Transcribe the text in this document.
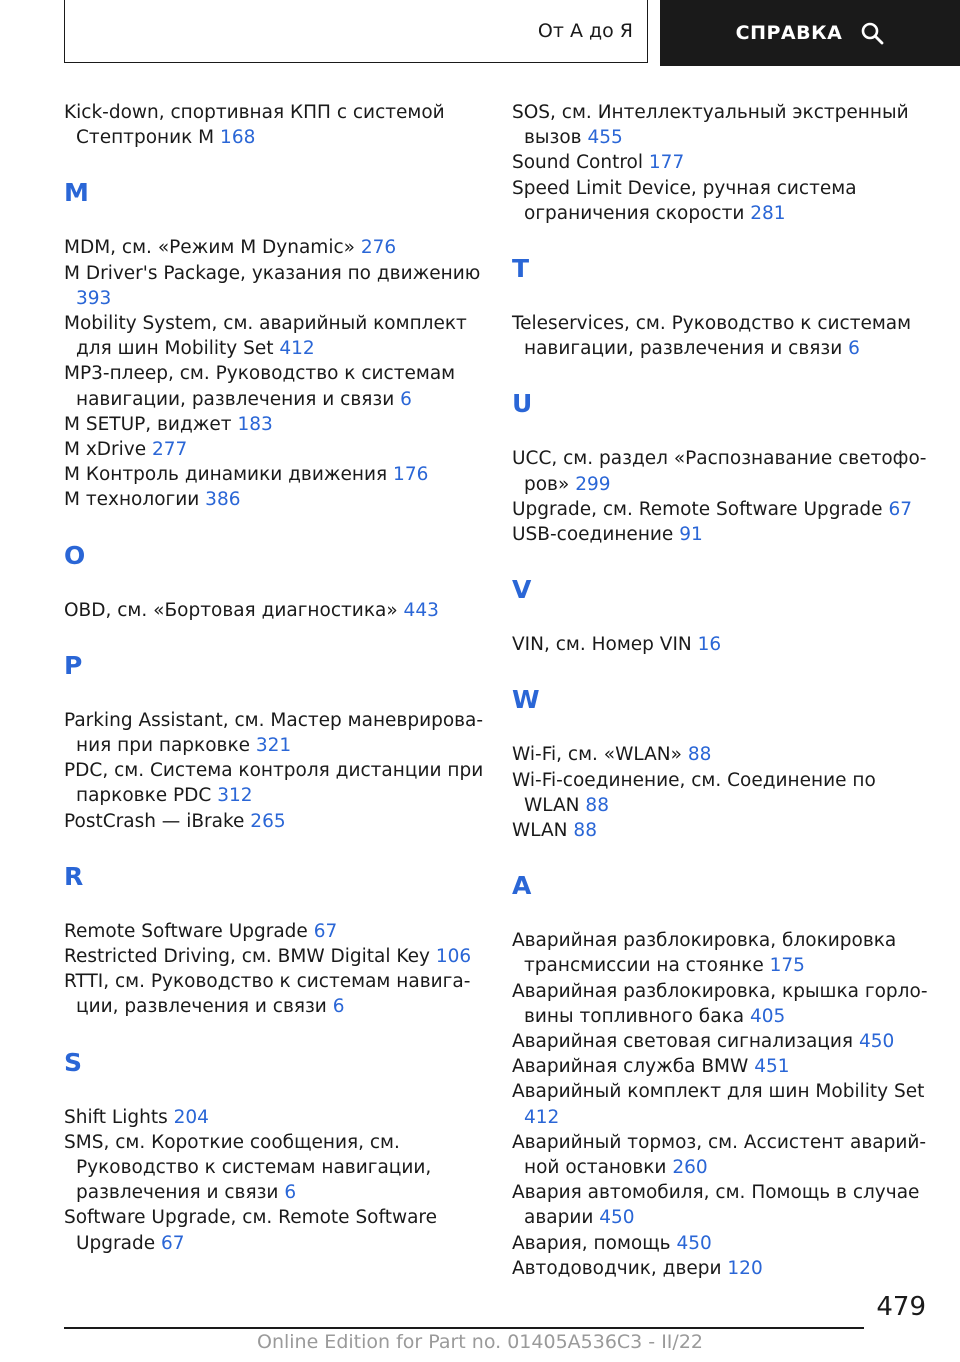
От А до Я	СПРАВКА

Kick-down, спортивная КПП с системой Стептроник M 168

M

MDM, см. «Режим M Dynamic» 276

M Driver's Package, указания по движению 393

Mobility System, см. аварийный комплект для шин Mobility Set 412

MP3-плеер, см. Руководство к системам навигации, развлечения и связи 6

M SETUP, виджет 183

M xDrive 277

M Контроль динамики движения 176

M технологии 386

O

OBD, см. «Бортовая диагностика» 443

P

Parking Assistant, см. Мастер маневрирования при парковке 321

PDC, см. Система контроля дистанции при парковке PDC 312

PostCrash — iBrake 265

R

Remote Software Upgrade 67

Restricted Driving, см. BMW Digital Key 106

RTTI, см. Руководство к системам навигации, развлечения и связи 6

S

Shift Lights 204

SMS, см. Короткие сообщения, см. Руководство к системам навигации, развлечения и связи 6

Software Upgrade, см. Remote Software Upgrade 67

SOS, см. Интеллектуальный экстренный вызов 455

Sound Control 177

Speed Limit Device, ручная система ограничения скорости 281

T

Teleservices, см. Руководство к системам навигации, развлечения и связи 6

U

UCC, см. раздел «Распознавание светофоров» 299

Upgrade, см. Remote Software Upgrade 67

USB-соединение 91

V

VIN, см. Номер VIN 16

W

Wi-Fi, см. «WLAN» 88

Wi-Fi-соединение, см. Соединение по WLAN 88

WLAN 88

А

Аварийная разблокировка, блокировка трансмиссии на стоянке 175

Аварийная разблокировка, крышка горловины топливного бака 405

Аварийная световая сигнализация 450

Аварийная служба BMW 451

Аварийный комплект для шин Mobility Set 412

Аварийный тормоз, см. Ассистент аварийной остановки 260

Авария автомобиля, см. Помощь в случае аварии 450

Авария, помощь 450

Автодоводчик, двери 120

479
Online Edition for Part no. 01405A536C3 - II/22
